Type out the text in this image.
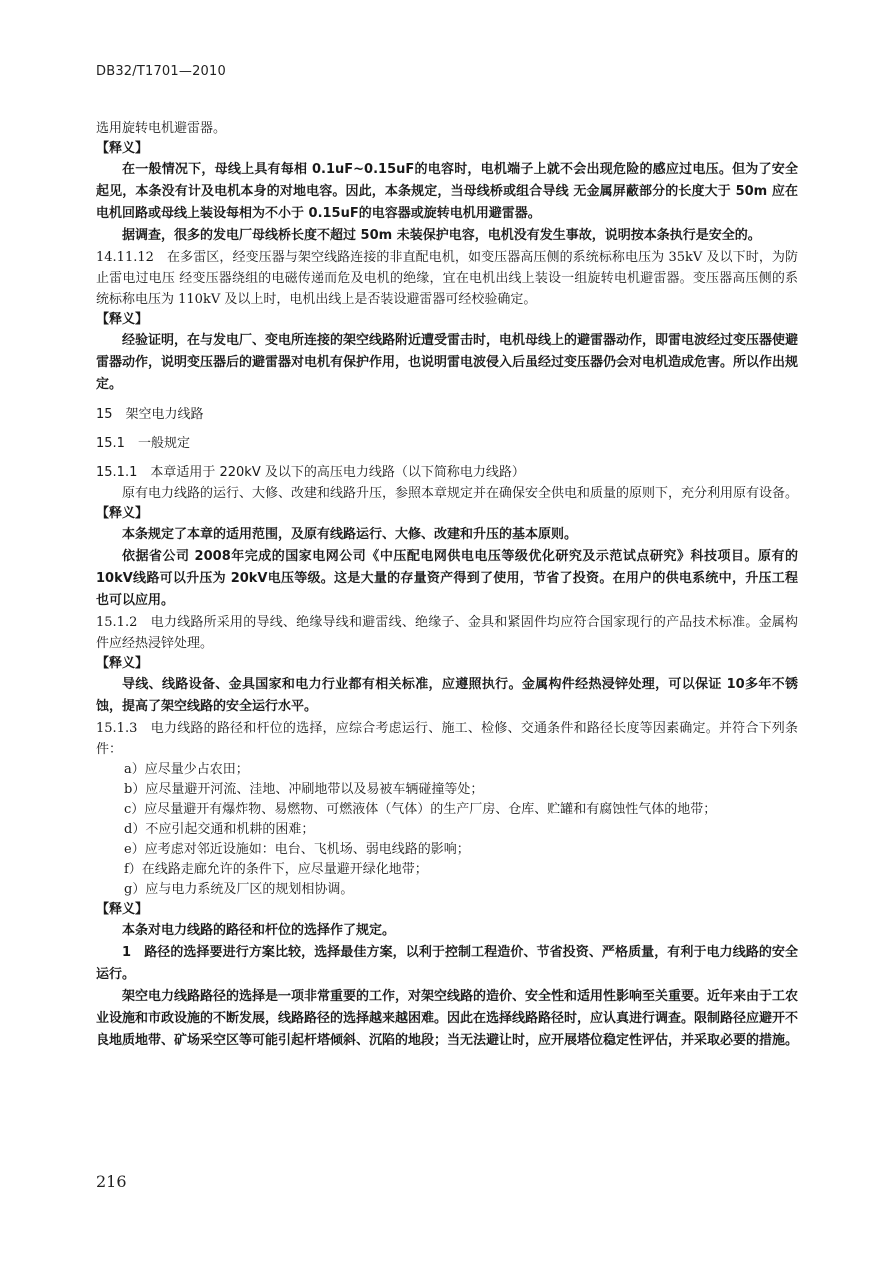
DB32/T1701—2010

选用旋转电机避雷器。

【释义】

在一般情况下，母线上具有每相 0.1uF~0.15uF的电容时，电机端子上就不会出现危险的感应过电压。但为了安全起见，本条没有计及电机本身的对地电容。因此，本条规定，当母线桥或组合导线 无金属屏蔽部分的长度大于 50m 应在电机回路或母线上装设每相为不小于 0.15uF的电容器或旋转电机用避雷器。

据调查，很多的发电厂母线桥长度不超过 50m 未装保护电容，电机没有发生事故，说明按本条执行是安全的。

14.11.12　在多雷区，经变压器与架空线路连接的非直配电机，如变压器高压侧的系统标称电压为 35kV 及以下时，为防止雷电过电压 经变压器绕组的电磁传递而危及电机的绝缘，宜在电机出线上装设一组旋转电机避雷器。变压器高压侧的系统标称电压为 110kV 及以上时，电机出线上是否装设避雷器可经校验确定。

【释义】

经验证明，在与发电厂、变电所连接的架空线路附近遭受雷击时，电机母线上的避雷器动作，即雷电波经过变压器使避雷器动作，说明变压器后的避雷器对电机有保护作用，也说明雷电波侵入后虽经过变压器仍会对电机造成危害。所以作出规定。

15　架空电力线路

15.1　一般规定

15.1.1　本章适用于 220kV 及以下的高压电力线路（以下简称电力线路）

原有电力线路的运行、大修、改建和线路升压，参照本章规定并在确保安全供电和质量的原则下，充分利用原有设备。

【释义】

本条规定了本章的适用范围，及原有线路运行、大修、改建和升压的基本原则。

依据省公司 2008年完成的国家电网公司《中压配电网供电电压等级优化研究及示范试点研究》科技项目。原有的 10kV线路可以升压为 20kV电压等级。这是大量的存量资产得到了使用，节省了投资。在用户的供电系统中，升压工程也可以应用。

15.1.2　电力线路所采用的导线、绝缘导线和避雷线、绝缘子、金具和紧固件均应符合国家现行的产品技术标准。金属构件应经热浸锌处理。

【释义】

导线、线路设备、金具国家和电力行业都有相关标准，应遵照执行。金属构件经热浸锌处理，可以保证 10多年不锈蚀，提高了架空线路的安全运行水平。

15.1.3　电力线路的路径和杆位的选择，应综合考虑运行、施工、检修、交通条件和路径长度等因素确定。并符合下列条件：

a）应尽量少占农田；

b）应尽量避开河流、洼地、冲刷地带以及易被车辆碰撞等处；

c）应尽量避开有爆炸物、易燃物、可燃液体（气体）的生产厂房、仓库、贮罐和有腐蚀性气体的地带；

d）不应引起交通和机耕的困难；

e）应考虑对邻近设施如：电台、飞机场、弱电线路的影响；

f）在线路走廊允许的条件下，应尽量避开绿化地带；

g）应与电力系统及厂区的规划相协调。

【释义】

本条对电力线路的路径和杆位的选择作了规定。

1　路径的选择要进行方案比较，选择最佳方案，以利于控制工程造价、节省投资、严格质量，有利于电力线路的安全运行。

架空电力线路路径的选择是一项非常重要的工作，对架空线路的造价、安全性和适用性影响至关重要。近年来由于工农业设施和市政设施的不断发展，线路路径的选择越来越困难。因此在选择线路路径时，应认真进行调查。限制路径应避开不良地质地带、矿场采空区等可能引起杆塔倾斜、沉陷的地段；当无法避让时，应开展塔位稳定性评估，并采取必要的措施。

216
